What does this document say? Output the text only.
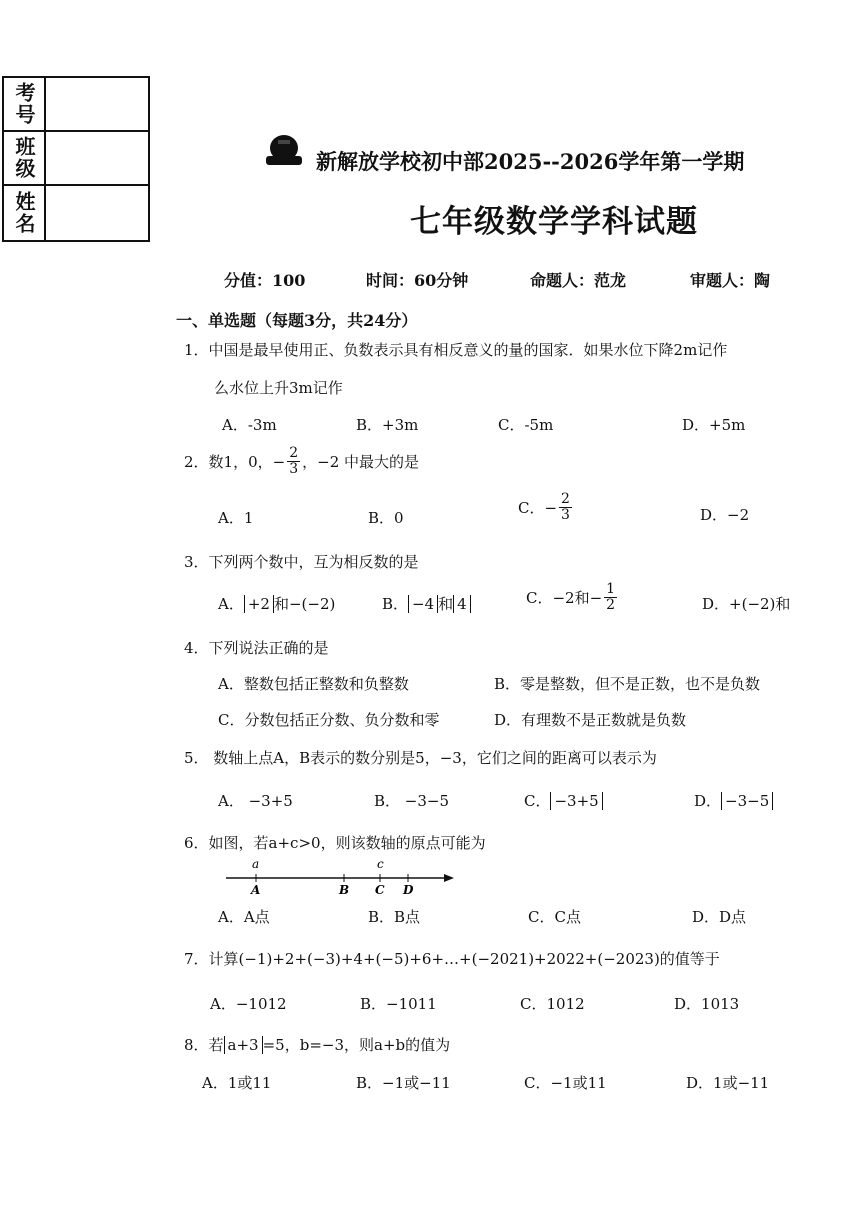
考号
班级
姓名
新解放学校初中部2025--2026学年第一学期
七年级数学学科试题
分值：100	时间：60分钟	命题人：范龙	审题人：陶
一、单选题（每题3分，共24分）
1．中国是最早使用正、负数表示具有相反意义的量的国家．如果水位下降2m记作
么水位上升3m记作
A．-3m	B．+3m	C．-5m	D．+5m
2．数1，0， − $\frac{2}{3}$ ，−2 中最大的是
A．1	B．0
C．− $\frac{2}{3}$	D．−2
3．下列两个数中，互为相反数的是
A． +2 和−(−2)	B． −4 和 4	C．−2和− $\frac{1}{2}$	D．+(−2)和
4．下列说法正确的是
A．整数包括正整数和负整数	B．零是整数，但不是正数，也不是负数
C．分数包括正分数、负分数和零	D．有理数不是正数就是负数
5． 数轴上点A，B表示的数分别是5，−3，它们之间的距离可以表示为
A． −3+5	B． −3−5	C． −3+5	D． −3−5
6．如图，若a+c>0，则该数轴的原点可能为
a	c
A	B C D
A．A点	B．B点	C．C点	D．D点
7．计算(−1)+2+(−3)+4+(−5)+6+…+(−2021)+2022+(−2023)的值等于
A．−1012	B．−1011	C．1012	D．1013
8．若 a+3 =5，b=−3，则a+b的值为
A．1或11	B．−1或−11	C．−1或11	D．1或−11
